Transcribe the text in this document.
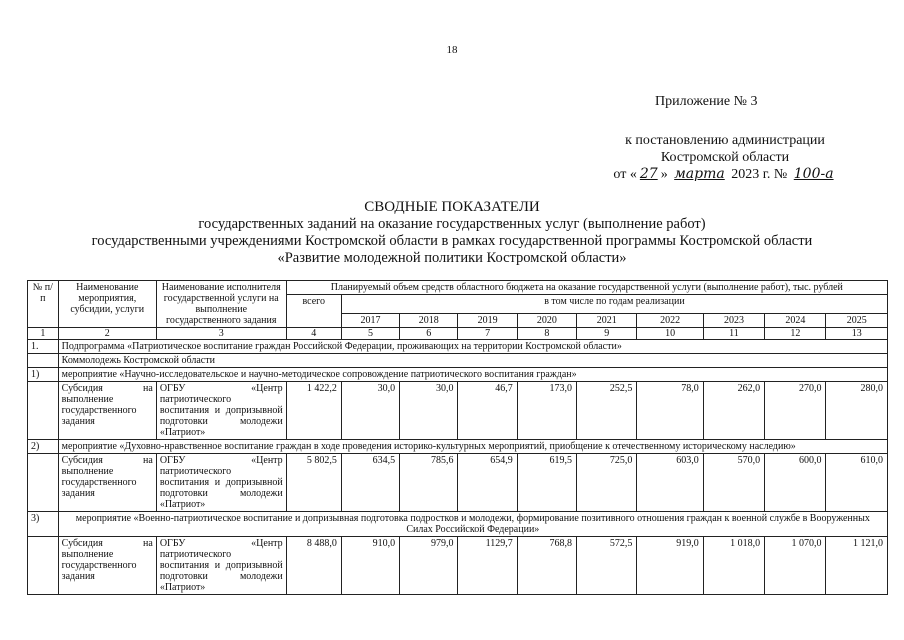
18
Приложение № 3
к постановлению администрации
Костромской области
от « 27 » марта 2023 г. № 100-а
СВОДНЫЕ ПОКАЗАТЕЛИ
государственных заданий на оказание государственных услуг (выполнение работ)
государственными учреждениями Костромской области в рамках государственной программы Костромской области
«Развитие молодежной политики Костромской области»
№ п/п	Наименование мероприятия, субсидии, услуги	Наименование исполнителя государственной услуги на выполнение государственного задания	Планируемый объем средств областного бюджета на оказание государственной услуги (выполнение работ), тыс. рублей									
			всего	в том числе по годам реализации								
				2017	2018	2019	2020	2021	2022	2023	2024	2025
1	2	3	4	5	6	7	8	9	10	11	12	13
1.	Подпрограмма «Патриотическое воспитание граждан Российской Федерации, проживающих на территории Костромской области»											
	Коммолодежь Костромской области											
1)	мероприятие «Научно-исследовательское и научно-методическое сопровождение патриотического воспитания граждан»											
	Субсидия на выполнение государственного задания	ОГБУ «Центр патриотического воспитания и допризывной подготовки молодежи «Патриот»	1 422,2	30,0	30,0	46,7	173,0	252,5	78,0	262,0	270,0	280,0
2)	мероприятие «Духовно-нравственное воспитание граждан в ходе проведения историко-культурных мероприятий, приобщение к отечественному историческому наследию»											
	Субсидия на выполнение государственного задания	ОГБУ «Центр патриотического воспитания и допризывной подготовки молодежи «Патриот»	5 802,5	634,5	785,6	654,9	619,5	725,0	603,0	570,0	600,0	610,0
3)	мероприятие «Военно-патриотическое воспитание и допризывная подготовка подростков и молодежи, формирование позитивного отношения граждан к военной службе в Вооруженных Силах Российской Федерации»											
	Субсидия на выполнение государственного задания	ОГБУ «Центр патриотического воспитания и допризывной подготовки молодежи «Патриот»	8 488,0	910,0	979,0	1129,7	768,8	572,5	919,0	1 018,0	1 070,0	1 121,0
